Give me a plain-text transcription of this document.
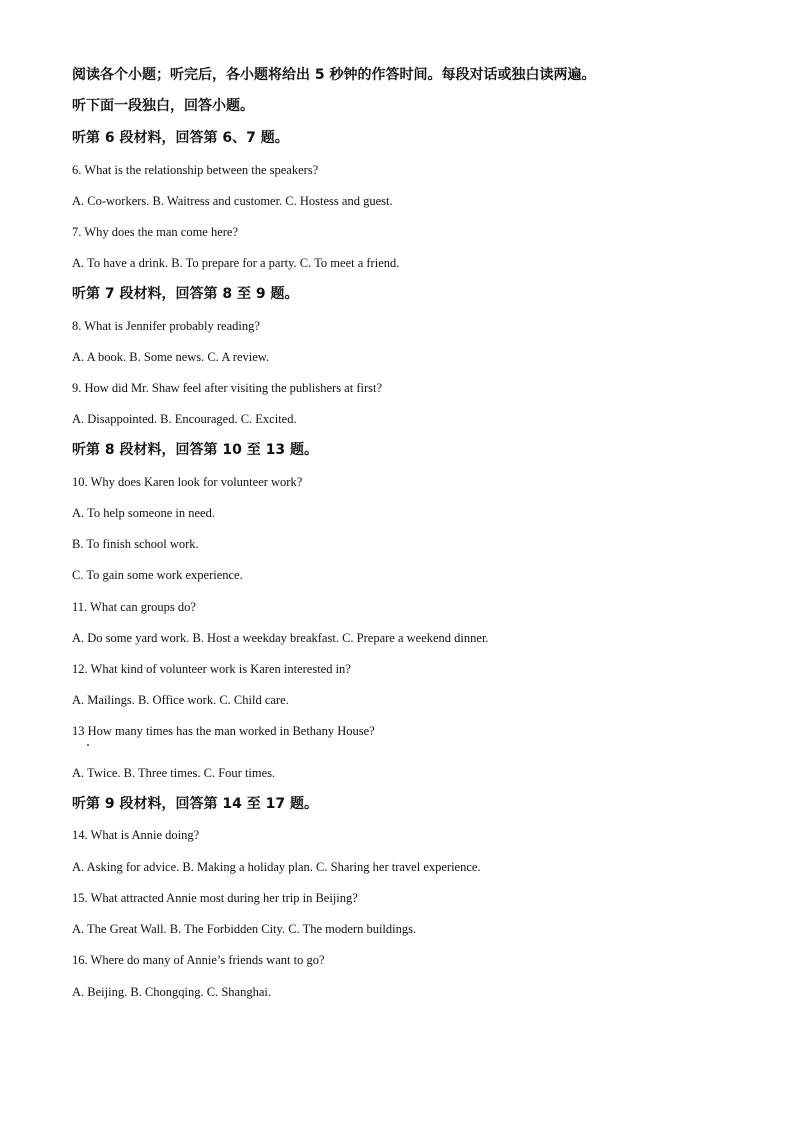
阅读各个小题；听完后，各小题将给出 5 秒钟的作答时间。每段对话或独白读两遍。
听下面一段独白，回答小题。
听第 6 段材料，回答第 6、7 题。
6. What is the relationship between the speakers?
A. Co-workers. B. Waitress and customer. C. Hostess and guest.
7. Why does the man come here?
A. To have a drink. B. To prepare for a party. C. To meet a friend.
听第 7 段材料，回答第 8 至 9 题。
8. What is Jennifer probably reading?
A. A book. B. Some news. C. A review.
9. How did Mr. Shaw feel after visiting the publishers at first?
A. Disappointed. B. Encouraged. C. Excited.
听第 8 段材料，回答第 10 至 13 题。
10. Why does Karen look for volunteer work?
A. To help someone in need.
B. To finish school work.
C. To gain some work experience.
11. What can groups do?
A. Do some yard work. B. Host a weekday breakfast. C. Prepare a weekend dinner.
12. What kind of volunteer work is Karen interested in?
A. Mailings. B. Office work. C. Child care.
13 How many times has the man worked in Bethany House?
A. Twice. B. Three times. C. Four times.
听第 9 段材料，回答第 14 至 17 题。
14. What is Annie doing?
A. Asking for advice. B. Making a holiday plan. C. Sharing her travel experience.
15. What attracted Annie most during her trip in Beijing?
A. The Great Wall. B. The Forbidden City. C. The modern buildings.
16. Where do many of Annie’s friends want to go?
A. Beijing. B. Chongqing. C. Shanghai.
